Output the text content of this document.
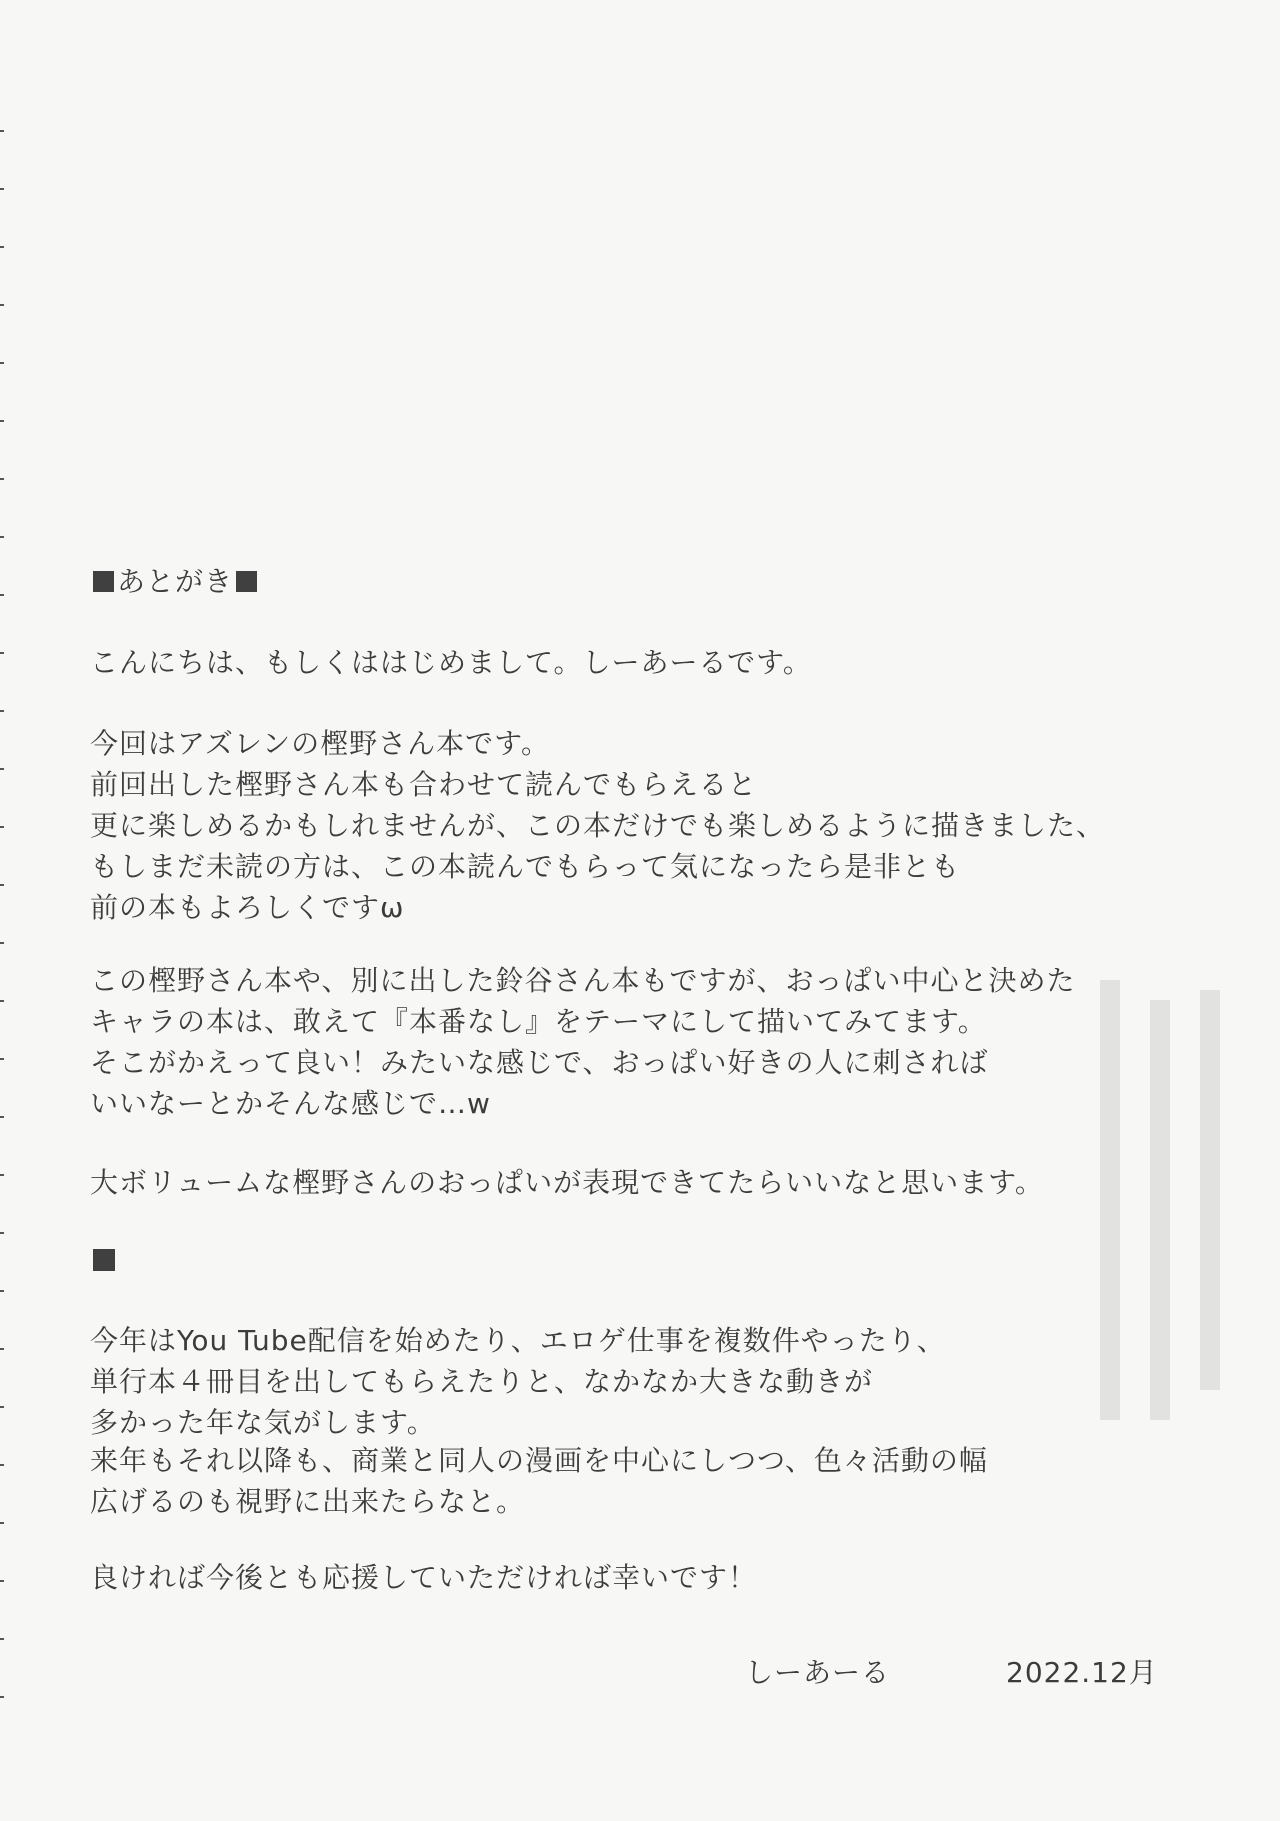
あとがき
こんにちは、もしくははじめまして。しーあーるです。
今回はアズレンの樫野さん本です。
前回出した樫野さん本も合わせて読んでもらえると
更に楽しめるかもしれませんが、この本だけでも楽しめるように描きました、
もしまだ未読の方は、この本読んでもらって気になったら是非とも
前の本もよろしくですω
この樫野さん本や、別に出した鈴谷さん本もですが、おっぱい中心と決めた
キャラの本は、敢えて『本番なし』をテーマにして描いてみてます。
そこがかえって良い！みたいな感じで、おっぱい好きの人に刺されば
いいなーとかそんな感じで…w
大ボリュームな樫野さんのおっぱいが表現できてたらいいなと思います。
今年はYou Tube配信を始めたり、エロゲ仕事を複数件やったり、
単行本４冊目を出してもらえたりと、なかなか大きな動きが
多かった年な気がします。
来年もそれ以降も、商業と同人の漫画を中心にしつつ、色々活動の幅
広げるのも視野に出来たらなと。
良ければ今後とも応援していただければ幸いです！
しーあーる	2022.12月
